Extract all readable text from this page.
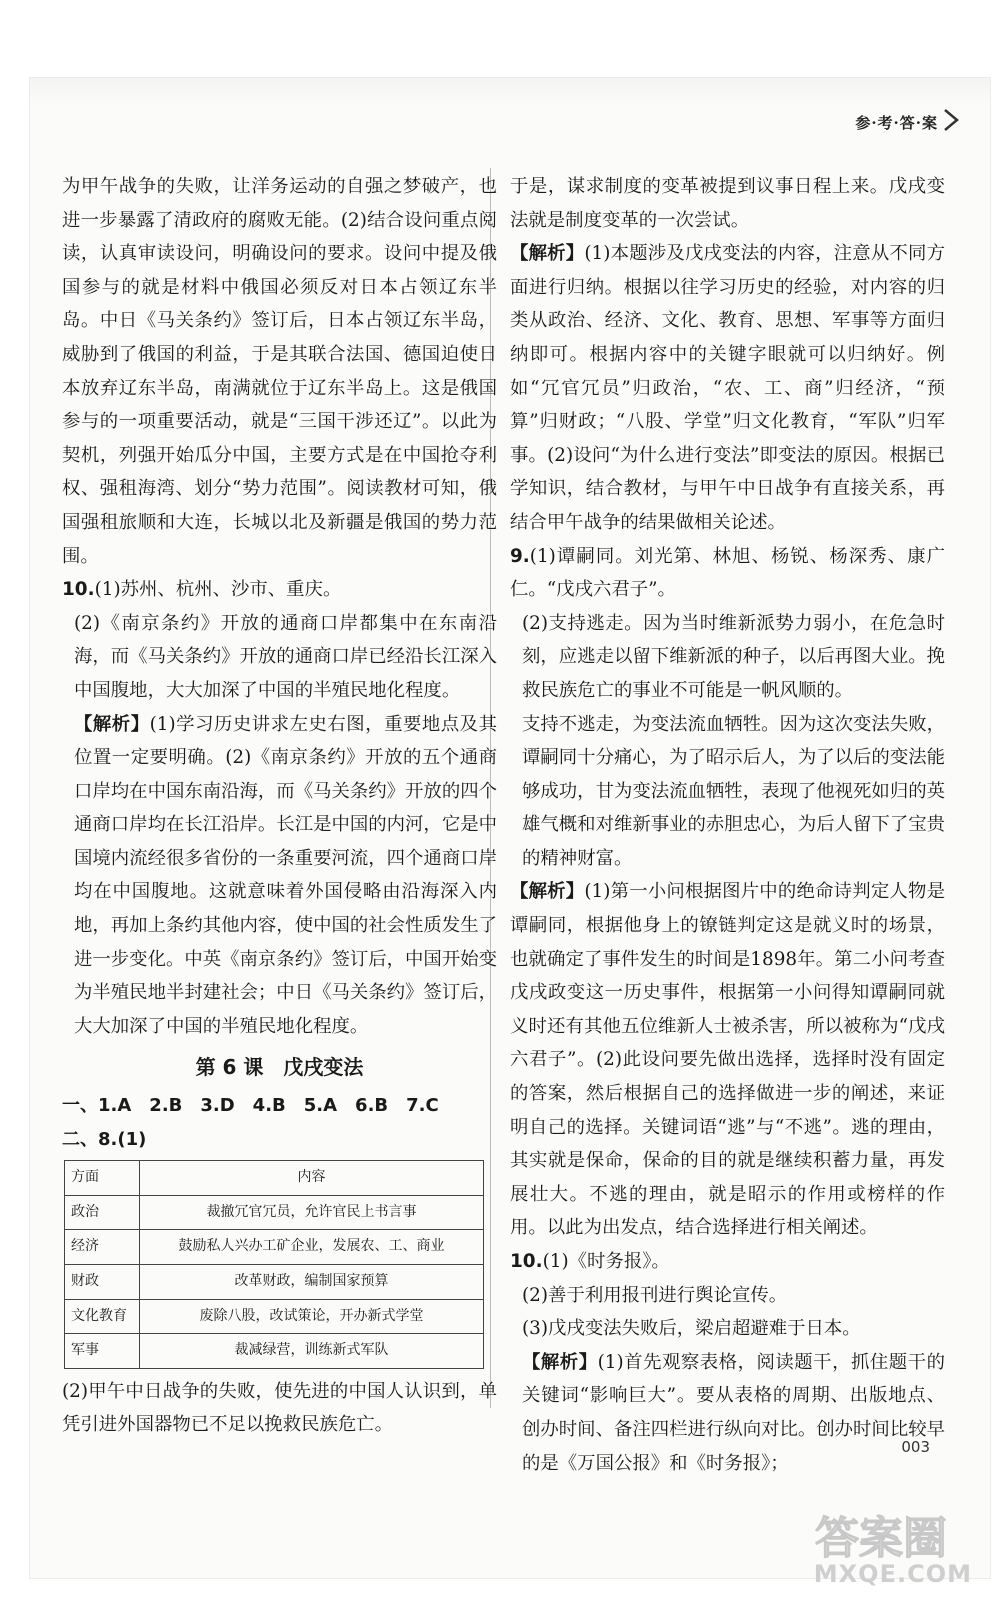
参·考·答·案

为甲午战争的失败，让洋务运动的自强之梦破产，也进一步暴露了清政府的腐败无能。(2)结合设问重点阅读，认真审读设问，明确设问的要求。设问中提及俄国参与的就是材料中俄国必须反对日本占领辽东半岛。中日《马关条约》签订后，日本占领辽东半岛，威胁到了俄国的利益，于是其联合法国、德国迫使日本放弃辽东半岛，南满就位于辽东半岛上。这是俄国参与的一项重要活动，就是“三国干涉还辽”。以此为契机，列强开始瓜分中国，主要方式是在中国抢夺利权、强租海湾、划分“势力范围”。阅读教材可知，俄国强租旅顺和大连，长城以北及新疆是俄国的势力范围。

10.(1)苏州、杭州、沙市、重庆。

(2)《南京条约》开放的通商口岸都集中在东南沿海，而《马关条约》开放的通商口岸已经沿长江深入中国腹地，大大加深了中国的半殖民地化程度。

【解析】(1)学习历史讲求左史右图，重要地点及其位置一定要明确。(2)《南京条约》开放的五个通商口岸均在中国东南沿海，而《马关条约》开放的四个通商口岸均在长江沿岸。长江是中国的内河，它是中国境内流经很多省份的一条重要河流，四个通商口岸均在中国腹地。这就意味着外国侵略由沿海深入内地，再加上条约其他内容，使中国的社会性质发生了进一步变化。中英《南京条约》签订后，中国开始变为半殖民地半封建社会；中日《马关条约》签订后，大大加深了中国的半殖民地化程度。

第 6 课　戊戌变法
一、1.A　2.B　3.D　4.B　5.A　6.B　7.C
二、8.(1)
方面	内容
政治	裁撤冗官冗员，允许官民上书言事
经济	鼓励私人兴办工矿企业，发展农、工、商业
财政	改革财政，编制国家预算
文化教育	废除八股，改试策论，开办新式学堂
军事	裁减绿营，训练新式军队

(2)甲午中日战争的失败，使先进的中国人认识到，单凭引进外国器物已不足以挽救民族危亡。

于是，谋求制度的变革被提到议事日程上来。戊戌变法就是制度变革的一次尝试。

【解析】(1)本题涉及戊戌变法的内容，注意从不同方面进行归纳。根据以往学习历史的经验，对内容的归类从政治、经济、文化、教育、思想、军事等方面归纳即可。根据内容中的关键字眼就可以归纳好。例如“冗官冗员”归政治，“农、工、商”归经济，“预算”归财政；“八股、学堂”归文化教育，“军队”归军事。(2)设问“为什么进行变法”即变法的原因。根据已学知识，结合教材，与甲午中日战争有直接关系，再结合甲午战争的结果做相关论述。

9.(1)谭嗣同。刘光第、林旭、杨锐、杨深秀、康广仁。“戊戌六君子”。

(2)支持逃走。因为当时维新派势力弱小，在危急时刻，应逃走以留下维新派的种子，以后再图大业。挽救民族危亡的事业不可能是一帆风顺的。

支持不逃走，为变法流血牺牲。因为这次变法失败，谭嗣同十分痛心，为了昭示后人，为了以后的变法能够成功，甘为变法流血牺牲，表现了他视死如归的英雄气概和对维新事业的赤胆忠心，为后人留下了宝贵的精神财富。

【解析】(1)第一小问根据图片中的绝命诗判定人物是谭嗣同，根据他身上的镣链判定这是就义时的场景，也就确定了事件发生的时间是1898年。第二小问考查戊戌政变这一历史事件，根据第一小问得知谭嗣同就义时还有其他五位维新人士被杀害，所以被称为“戊戌六君子”。(2)此设问要先做出选择，选择时没有固定的答案，然后根据自己的选择做进一步的阐述，来证明自己的选择。关键词语“逃”与“不逃”。逃的理由，其实就是保命，保命的目的就是继续积蓄力量，再发展壮大。不逃的理由，就是昭示的作用或榜样的作用。以此为出发点，结合选择进行相关阐述。

10.(1)《时务报》。

(2)善于利用报刊进行舆论宣传。

(3)戊戌变法失败后，梁启超避难于日本。

【解析】(1)首先观察表格，阅读题干，抓住题干的关键词“影响巨大”。要从表格的周期、出版地点、创办时间、备注四栏进行纵向对比。创办时间比较早的是《万国公报》和《时务报》；

003
答案圈
MXQE.COM
